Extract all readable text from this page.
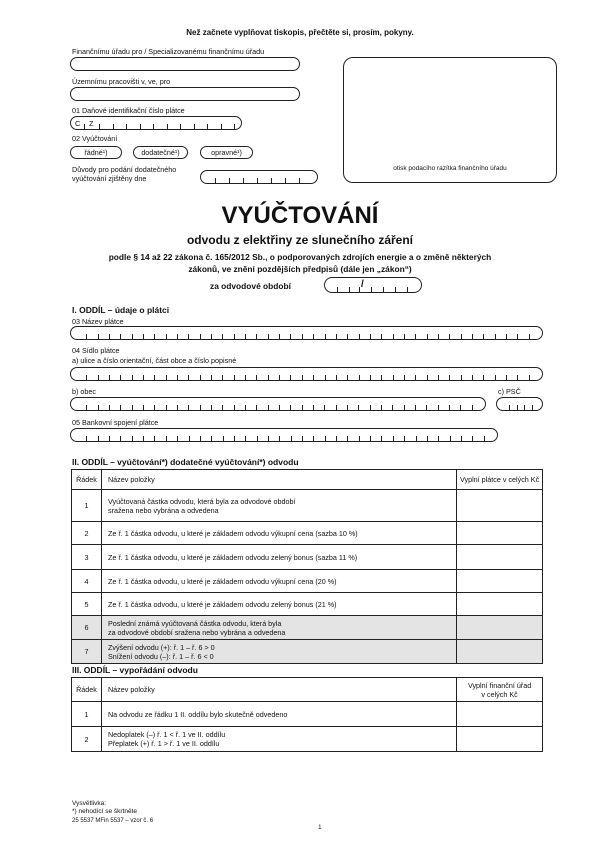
Než začnete vyplňovat tiskopis, přečtěte si, prosím, pokyny.
Finančnímu úřadu pro / Specializovanému finančnímu úřadu
Územnímu pracovišti v, ve, pro
01 Daňové identifikační číslo plátce
C Z
02 Vyúčtování
řádné¹)	dodatečné¹)	opravné¹)
Důvody pro podání dodatečného
vyúčtování zjištěny dne
otisk podacího razítka finančního úřadu
VYÚČTOVÁNÍ
odvodu z elektřiny ze slunečního záření
podle § 14 až 22 zákona č. 165/2012 Sb., o podporovaných zdrojích energie a o změně některých
zákonů, ve znění pozdějších předpisů (dále jen „zákon“)
za odvodové období	/
I. ODDÍL – údaje o plátci
03 Název plátce
04 Sídlo plátce
a) ulice a číslo orientační, část obce a číslo popisné
b) obec	c) PSČ
05 Bankovní spojení plátce
II. ODDÍL – vyúčtování*) dodatečné vyúčtování*) odvodu
Řádek	Název položky	Vyplní plátce v celých Kč
1	Vyúčtovaná částka odvodu, která byla za odvodové období
sražena nebo vybrána a odvedena	

2	Ze ř. 1 částka odvodu, u které je základem odvodu výkupní cena (sazba 10 %)	
3	Ze ř. 1 částka odvodu, u které je základem odvodu zelený bonus (sazba 11 %)	
4	Ze ř. 1 částka odvodu, u které je základem odvodu výkupní cena (20 %)	
5	Ze ř. 1 částka odvodu, u které je základem odvodu zelený bonus (21 %)	
6	Poslední známá vyúčtovaná částka odvodu, která byla
za odvodové období sražena nebo vybrána a odvedena	

7	Zvýšení odvodu (+): ř. 1 – ř. 6 > 0
Snížení odvodu (–): ř. 1 – ř. 6 < 0	

III. ODDÍL – vypořádání odvodu
Řádek	Název položky	Vyplní finanční úřad
v celých Kč

1	Na odvodu ze řádku 1 II. oddílu bylo skutečně odvedeno	
2	Nedoplatek (–) ř. 1 < ř. 1 ve II. oddílu
Přeplatek (+) ř. 1 > ř. 1 ve II. oddílu	

Vysvětlivka:
*) nehodící se škrtněte
25 5537 MFin 5537 – vzor č. 6
1
